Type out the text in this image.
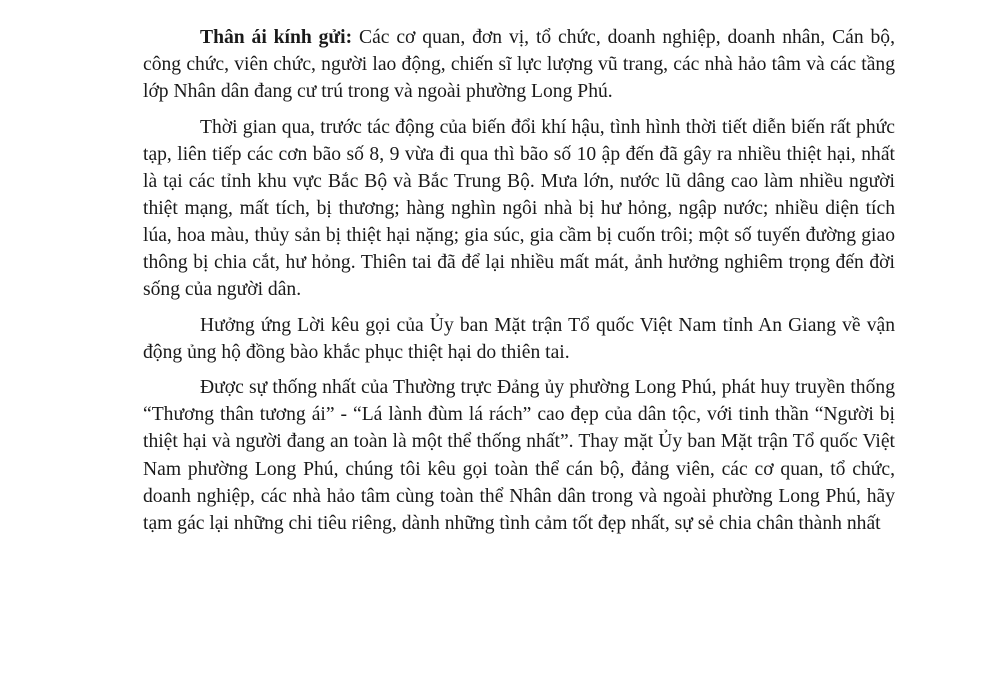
Thân ái kính gửi: Các cơ quan, đơn vị, tổ chức, doanh nghiệp, doanh nhân, Cán bộ, công chức, viên chức, người lao động, chiến sĩ lực lượng vũ trang, các nhà hảo tâm và các tầng lớp Nhân dân đang cư trú trong và ngoài phường Long Phú.

Thời gian qua, trước tác động của biến đổi khí hậu, tình hình thời tiết diễn biến rất phức tạp, liên tiếp các cơn bão số 8, 9 vừa đi qua thì bão số 10 ập đến đã gây ra nhiều thiệt hại, nhất là tại các tỉnh khu vực Bắc Bộ và Bắc Trung Bộ. Mưa lớn, nước lũ dâng cao làm nhiều người thiệt mạng, mất tích, bị thương; hàng nghìn ngôi nhà bị hư hỏng, ngập nước; nhiều diện tích lúa, hoa màu, thủy sản bị thiệt hại nặng; gia súc, gia cầm bị cuốn trôi; một số tuyến đường giao thông bị chia cắt, hư hỏng. Thiên tai đã để lại nhiều mất mát, ảnh hưởng nghiêm trọng đến đời sống của người dân.

Hưởng ứng Lời kêu gọi của Ủy ban Mặt trận Tổ quốc Việt Nam tỉnh An Giang về vận động ủng hộ đồng bào khắc phục thiệt hại do thiên tai.

Được sự thống nhất của Thường trực Đảng ủy phường Long Phú, phát huy truyền thống “Thương thân tương ái” - “Lá lành đùm lá rách” cao đẹp của dân tộc, với tinh thần “Người bị thiệt hại và người đang an toàn là một thể thống nhất”. Thay mặt Ủy ban Mặt trận Tổ quốc Việt Nam phường Long Phú, chúng tôi kêu gọi toàn thể cán bộ, đảng viên, các cơ quan, tổ chức, doanh nghiệp, các nhà hảo tâm cùng toàn thể Nhân dân trong và ngoài phường Long Phú, hãy tạm gác lại những chi tiêu riêng, dành những tình cảm tốt đẹp nhất, sự sẻ chia chân thành nhất
